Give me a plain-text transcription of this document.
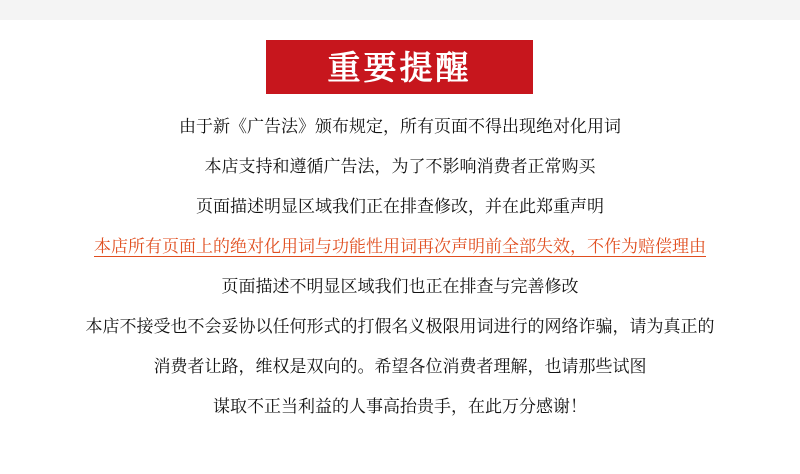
重要提醒
由于新《广告法》颁布规定，所有页面不得出现绝对化用词
本店支持和遵循广告法，为了不影响消费者正常购买
页面描述明显区域我们正在排查修改，并在此郑重声明
本店所有页面上的绝对化用词与功能性用词再次声明前全部失效，不作为赔偿理由
页面描述不明显区域我们也正在排查与完善修改
本店不接受也不会妥协以任何形式的打假名义极限用词进行的网络诈骗，请为真正的
消费者让路，维权是双向的。希望各位消费者理解，也请那些试图
谋取不正当利益的人事高抬贵手，在此万分感谢！
